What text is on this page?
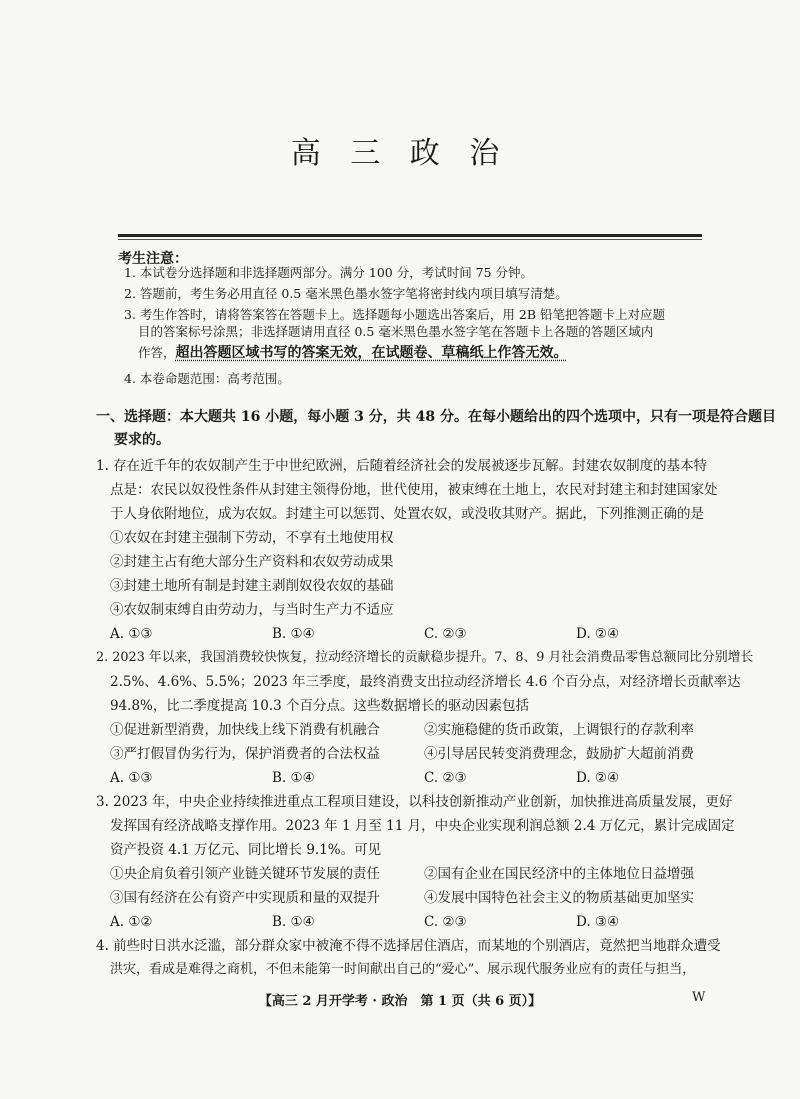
高 三 政 治
考生注意：
1. 本试卷分选择题和非选择题两部分。满分 100 分，考试时间 75 分钟。
2. 答题前，考生务必用直径 0.5 毫米黑色墨水签字笔将密封线内项目填写清楚。
3. 考生作答时，请将答案答在答题卡上。选择题每小题选出答案后，用 2B 铅笔把答题卡上对应题
目的答案标号涂黑；非选择题请用直径 0.5 毫米黑色墨水签字笔在答题卡上各题的答题区域内
作答，超出答题区域书写的答案无效，在试题卷、草稿纸上作答无效。
4. 本卷命题范围：高考范围。
一、选择题：本大题共 16 小题，每小题 3 分，共 48 分。在每小题给出的四个选项中，只有一项是符合题目
要求的。
1. 存在近千年的农奴制产生于中世纪欧洲，后随着经济社会的发展被逐步瓦解。封建农奴制度的基本特
点是：农民以奴役性条件从封建主领得份地，世代使用，被束缚在土地上，农民对封建主和封建国家处
于人身依附地位，成为农奴。封建主可以惩罚、处置农奴，或没收其财产。据此，下列推测正确的是
①农奴在封建主强制下劳动，不享有土地使用权
②封建主占有绝大部分生产资料和农奴劳动成果
③封建土地所有制是封建主剥削奴役农奴的基础
④农奴制束缚自由劳动力，与当时生产力不适应
A. ①③	B. ①④	C. ②③	D. ②④
2. 2023 年以来，我国消费较快恢复，拉动经济增长的贡献稳步提升。7、8、9 月社会消费品零售总额同比分别增长
2.5%、4.6%、5.5%；2023 年三季度，最终消费支出拉动经济增长 4.6 个百分点，对经济增长贡献率达
94.8%，比二季度提高 10.3 个百分点。这些数据增长的驱动因素包括
①促进新型消费，加快线上线下消费有机融合	②实施稳健的货币政策，上调银行的存款利率
③严打假冒伪劣行为，保护消费者的合法权益	④引导居民转变消费理念，鼓励扩大超前消费
A. ①③	B. ①④	C. ②③	D. ②④
3. 2023 年，中央企业持续推进重点工程项目建设，以科技创新推动产业创新，加快推进高质量发展，更好
发挥国有经济战略支撑作用。2023 年 1 月至 11 月，中央企业实现利润总额 2.4 万亿元，累计完成固定
资产投资 4.1 万亿元、同比增长 9.1%。可见
①央企肩负着引领产业链关键环节发展的责任	②国有企业在国民经济中的主体地位日益增强
③国有经济在公有资产中实现质和量的双提升	④发展中国特色社会主义的物质基础更加坚实
A. ①②	B. ①④	C. ②③	D. ③④
4. 前些时日洪水泛滥，部分群众家中被淹不得不选择居住酒店，而某地的个别酒店，竟然把当地群众遭受
洪灾，看成是难得之商机，不但未能第一时间献出自己的“爱心”、展示现代服务业应有的责任与担当，
【高三 2 月开学考 · 政治　第 1 页（共 6 页）】	W
